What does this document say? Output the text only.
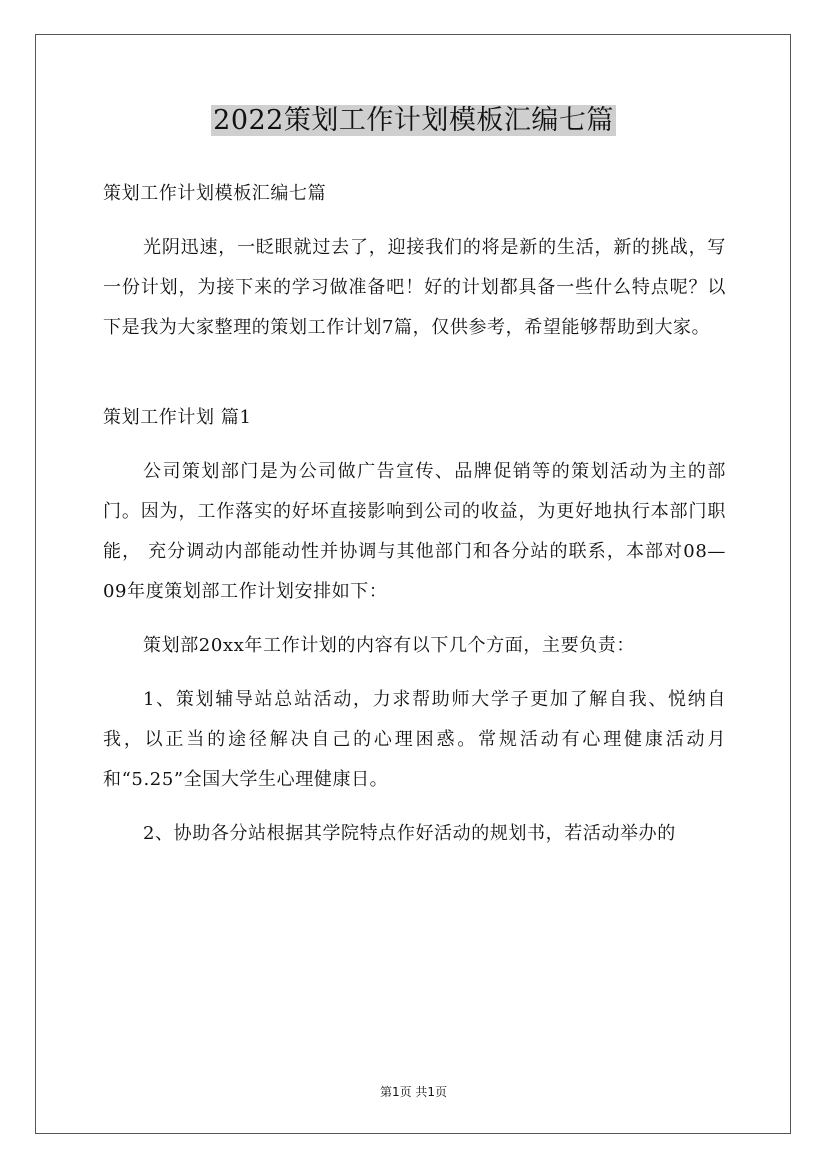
2022策划工作计划模板汇编七篇

策划工作计划模板汇编七篇

光阴迅速，一眨眼就过去了，迎接我们的将是新的生活，新的挑战，写一份计划，为接下来的学习做准备吧！好的计划都具备一些什么特点呢？以下是我为大家整理的策划工作计划7篇，仅供参考，希望能够帮助到大家。

策划工作计划 篇1

公司策划部门是为公司做广告宣传、品牌促销等的策划活动为主的部门。因为，工作落实的好坏直接影响到公司的收益，为更好地执行本部门职能， 充分调动内部能动性并协调与其他部门和各分站的联系，本部对08—09年度策划部工作计划安排如下：

策划部20xx年工作计划的内容有以下几个方面，主要负责：

1、策划辅导站总站活动，力求帮助师大学子更加了解自我、悦纳自我，以正当的途径解决自己的心理困惑。常规活动有心理健康活动月和“5.25”全国大学生心理健康日。

2、协助各分站根据其学院特点作好活动的规划书，若活动举办的

第1页 共1页
